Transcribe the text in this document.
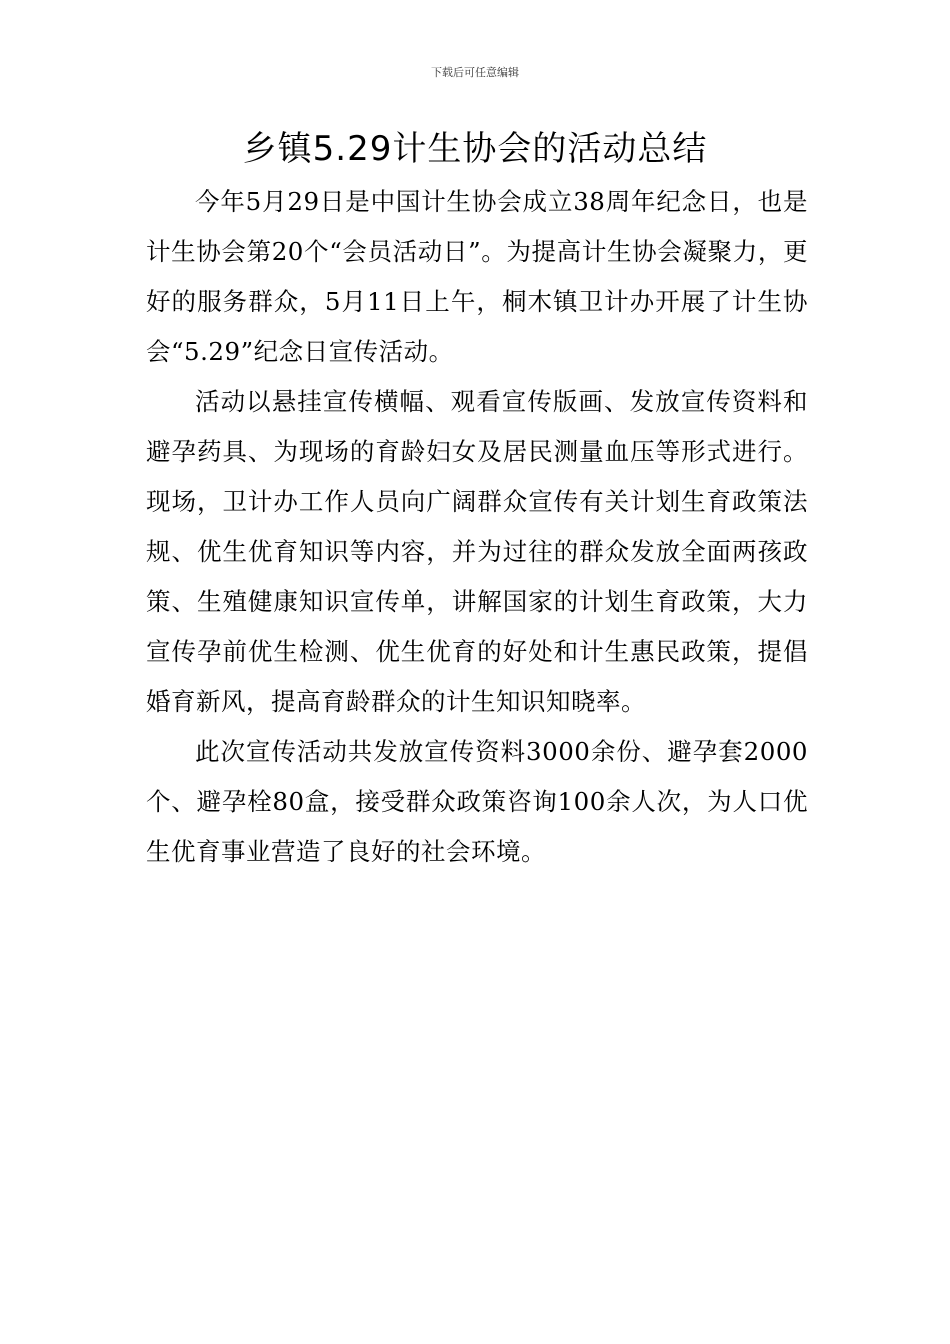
下载后可任意编辑
乡镇5.29计生协会的活动总结

今年5月29日是中国计生协会成立38周年纪念日，也是计生协会第20个“会员活动日”。为提高计生协会凝聚力，更好的服务群众，5月11日上午，桐木镇卫计办开展了计生协会“5.29”纪念日宣传活动。

活动以悬挂宣传横幅、观看宣传版画、发放宣传资料和避孕药具、为现场的育龄妇女及居民测量血压等形式进行。现场，卫计办工作人员向广阔群众宣传有关计划生育政策法规、优生优育知识等内容，并为过往的群众发放全面两孩政策、生殖健康知识宣传单，讲解国家的计划生育政策，大力宣传孕前优生检测、优生优育的好处和计生惠民政策，提倡婚育新风，提高育龄群众的计生知识知晓率。

此次宣传活动共发放宣传资料3000余份、避孕套2000个、避孕栓80盒，接受群众政策咨询100余人次，为人口优生优育事业营造了良好的社会环境。
